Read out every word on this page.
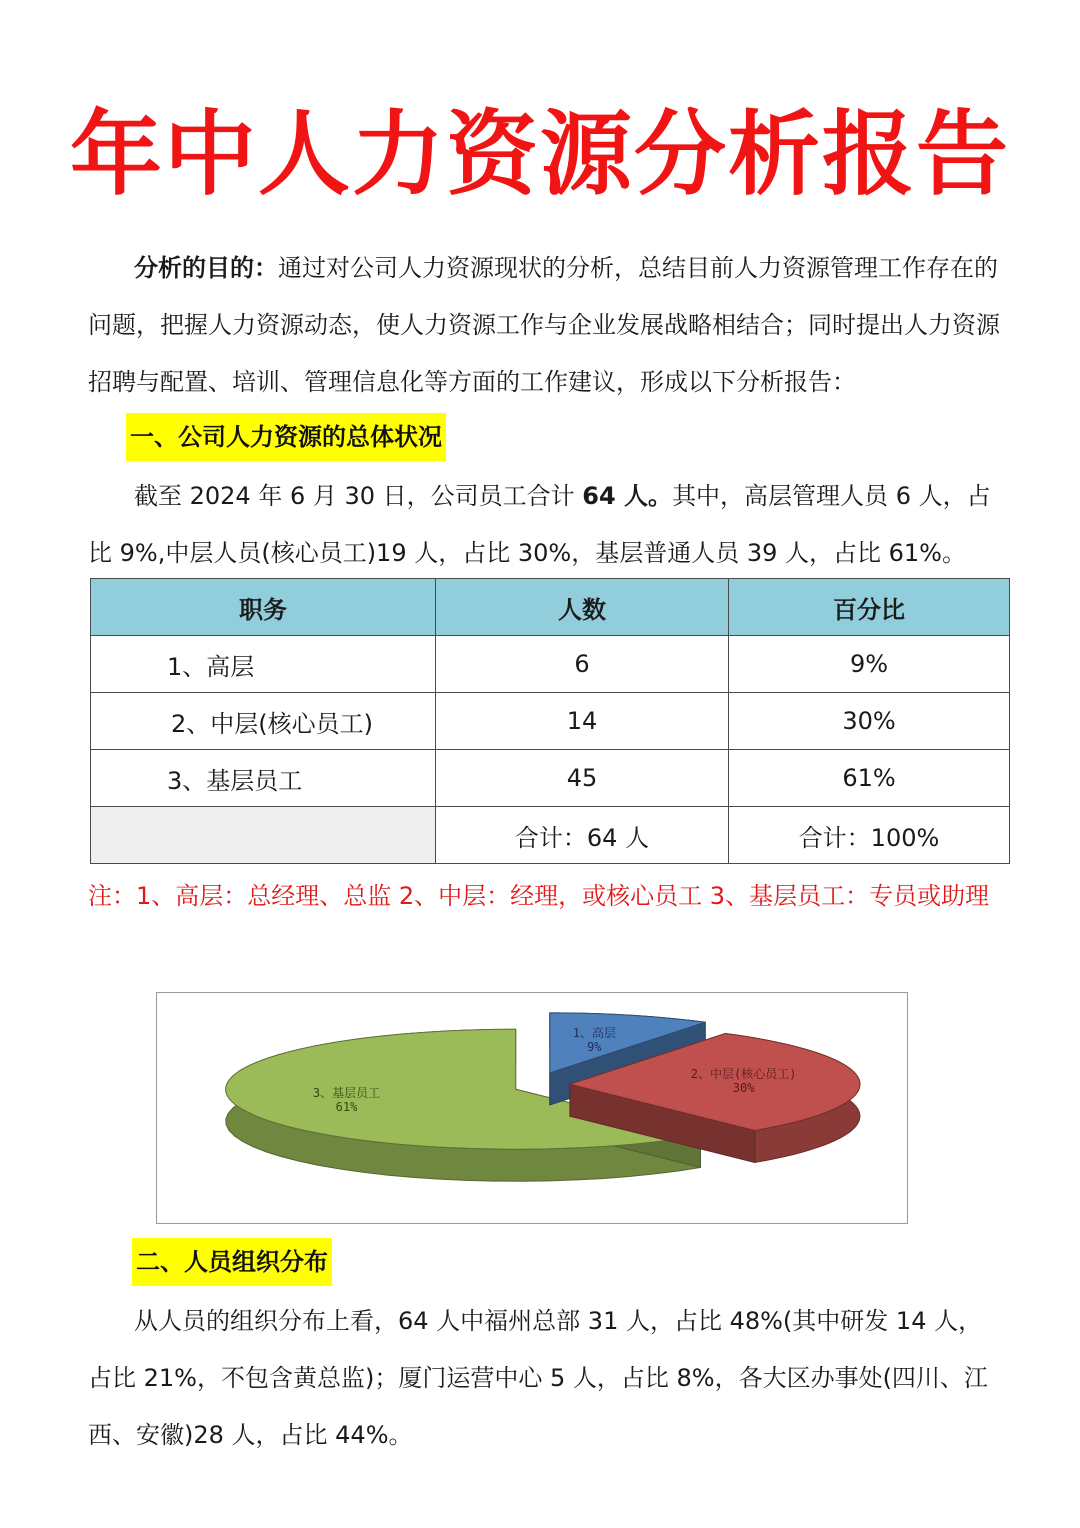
年中人力资源分析报告
分析的目的：通过对公司人力资源现状的分析，总结目前人力资源管理工作存在的问题，把握人力资源动态，使人力资源工作与企业发展战略相结合；同时提出人力资源招聘与配置、培训、管理信息化等方面的工作建议，形成以下分析报告：
一、公司人力资源的总体状况
截至 2024 年 6 月 30 日，公司员工合计 64 人。其中，高层管理人员 6 人，占比 9%,中层人员(核心员工)19 人，占比 30%，基层普通人员 39 人，占比 61%。
职务	人数	百分比
1、高层	6	9%
2、中层(核心员工)	14	30%
3、基层员工	45	61%
	合计：64 人	合计：100%
注：1、高层：总经理、总监 2、中层：经理，或核心员工 3、基层员工：专员或助理
3、基层员工 61%
1、高层 9%
2、中层(核心员工) 30%
二、人员组织分布
从人员的组织分布上看，64 人中福州总部 31 人，占比 48%(其中研发 14 人，占比 21%，不包含黄总监)；厦门运营中心 5 人，占比 8%，各大区办事处(四川、江西、安徽)28 人，占比 44%。
